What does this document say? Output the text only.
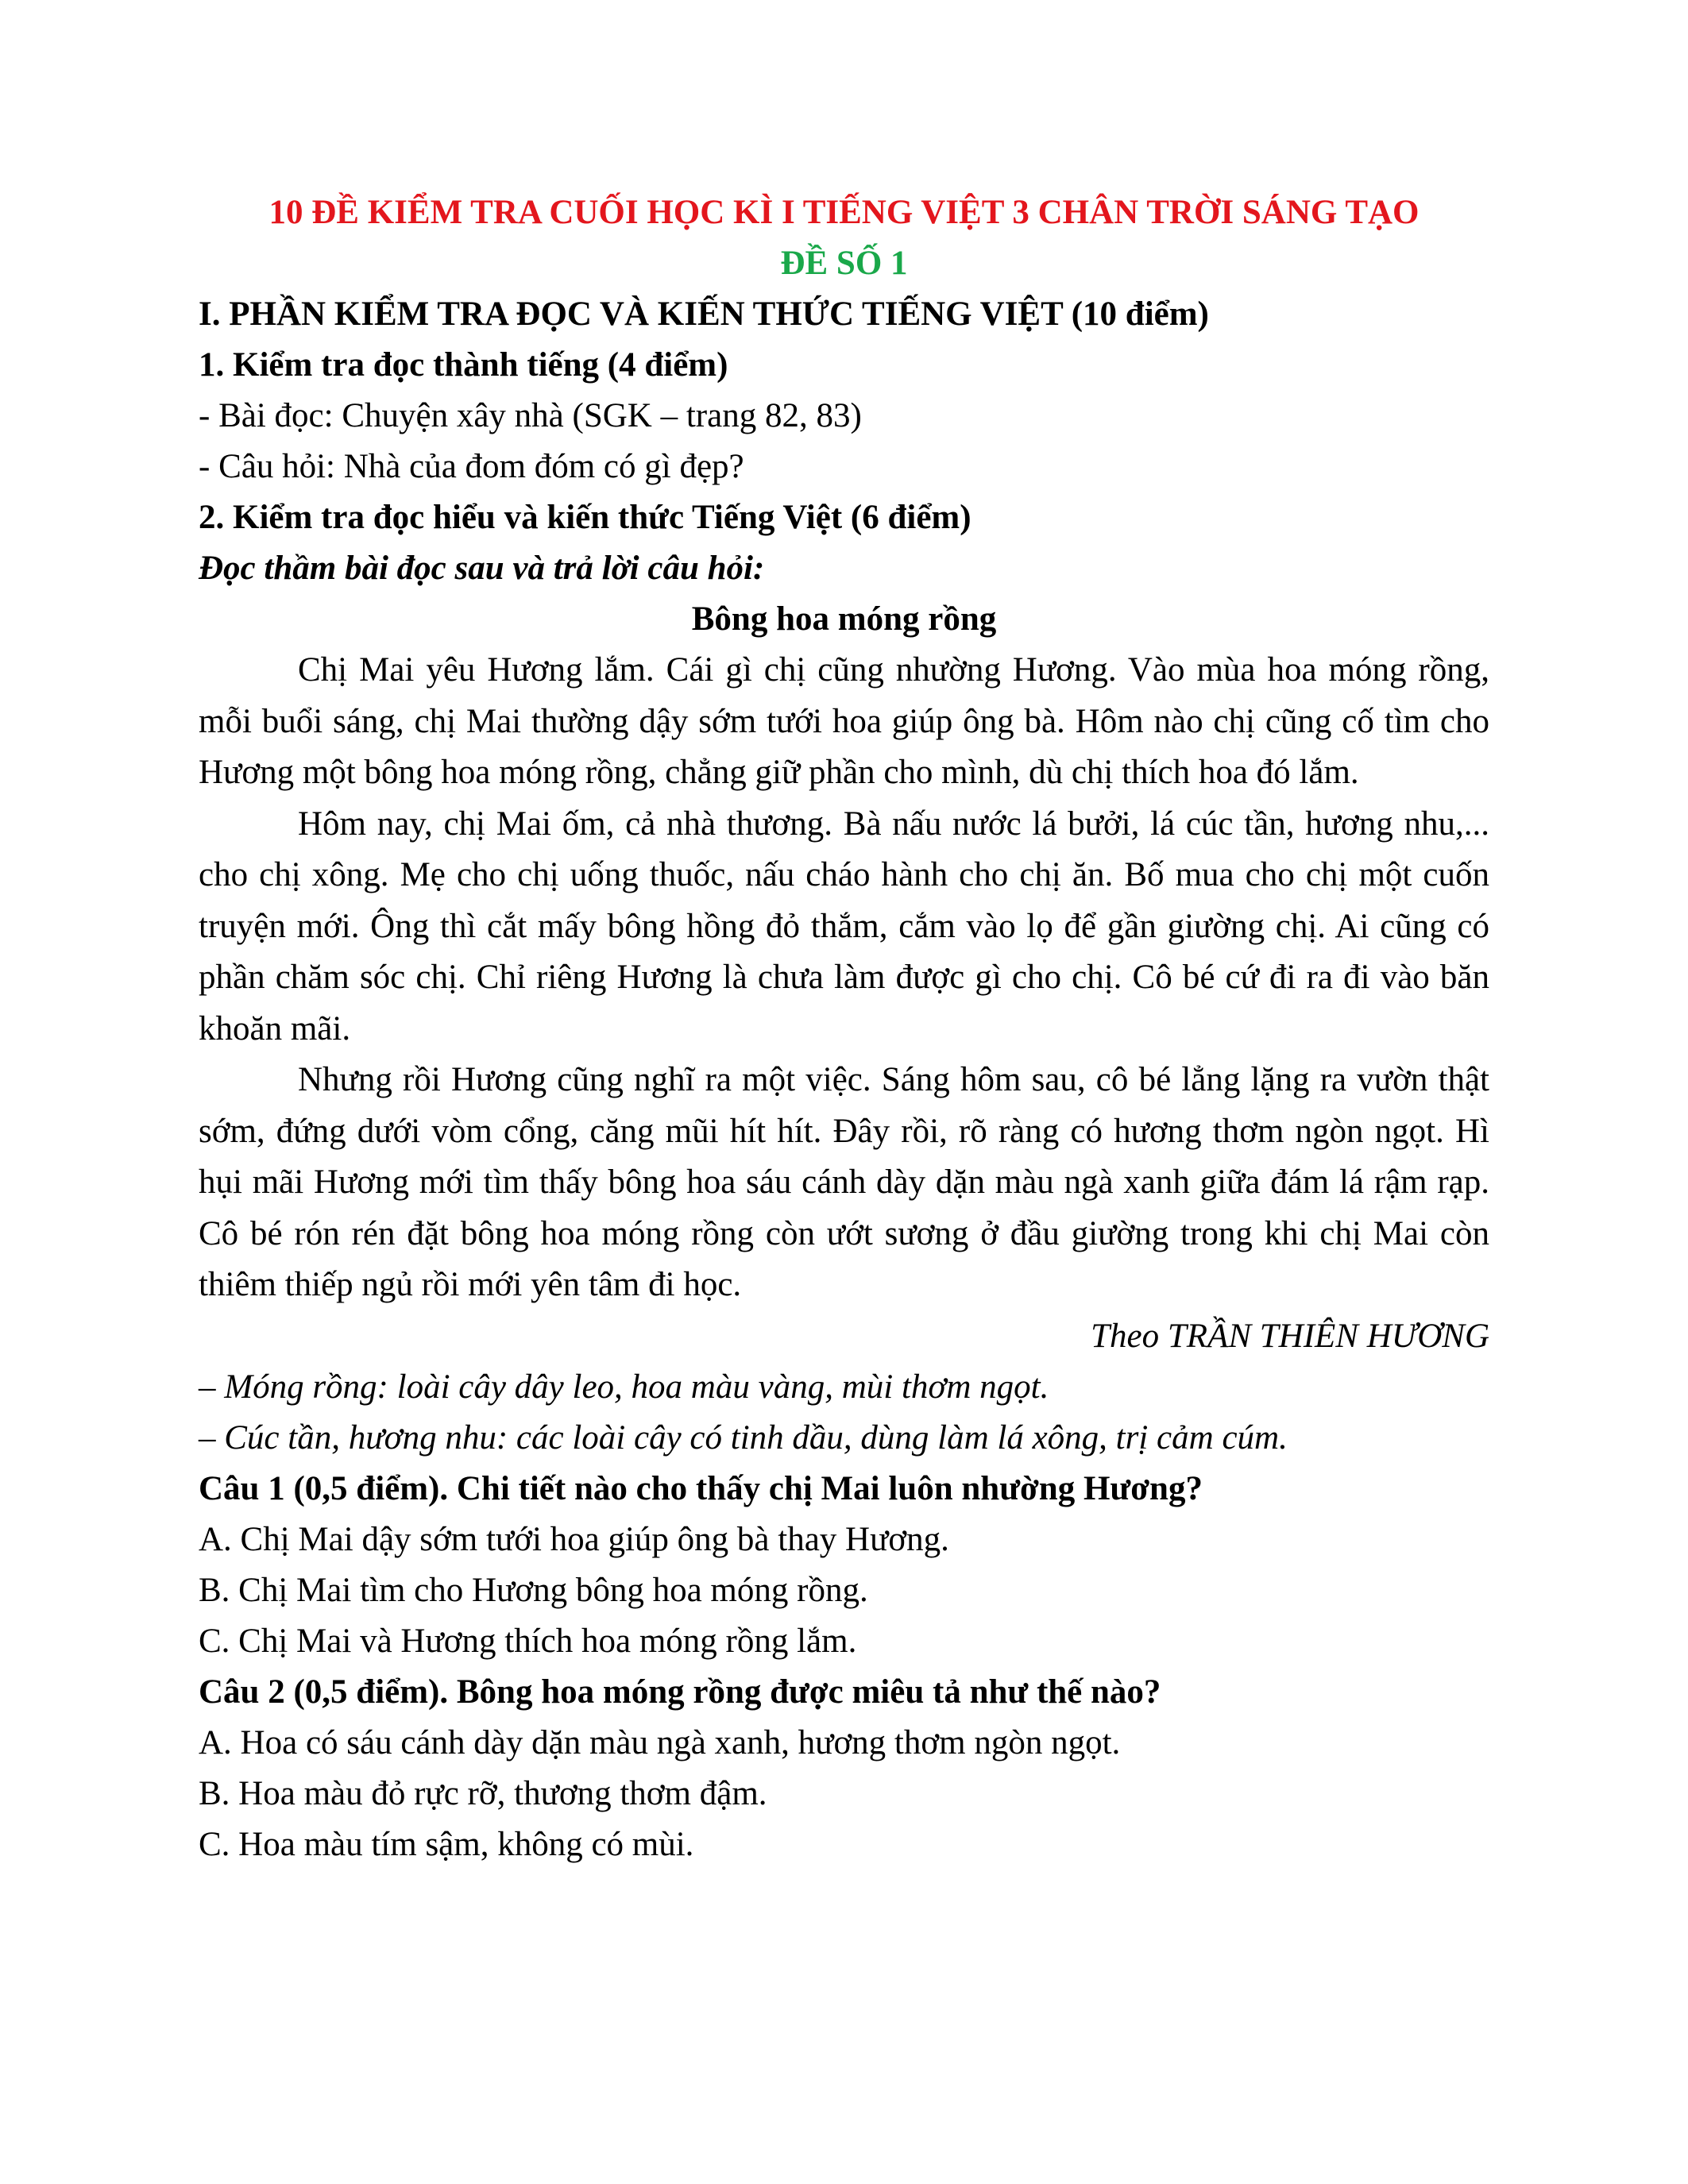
10 ĐỀ KIỂM TRA CUỐI HỌC KÌ I TIẾNG VIỆT 3 CHÂN TRỜI SÁNG TẠO

ĐỀ SỐ 1

I. PHẦN KIỂM TRA ĐỌC VÀ KIẾN THỨC TIẾNG VIỆT (10 điểm)

1. Kiểm tra đọc thành tiếng (4 điểm)

- Bài đọc: Chuyện xây nhà (SGK – trang 82, 83)

- Câu hỏi: Nhà của đom đóm có gì đẹp?

2. Kiểm tra đọc hiểu và kiến thức Tiếng Việt (6 điểm)

Đọc thầm bài đọc sau và trả lời câu hỏi:

Bông hoa móng rồng

Chị Mai yêu Hương lắm. Cái gì chị cũng nhường Hương. Vào mùa hoa móng rồng, mỗi buổi sáng, chị Mai thường dậy sớm tưới hoa giúp ông bà. Hôm nào chị cũng cố tìm cho Hương một bông hoa móng rồng, chẳng giữ phần cho mình, dù chị thích hoa đó lắm.

Hôm nay, chị Mai ốm, cả nhà thương. Bà nấu nước lá bưởi, lá cúc tần, hương nhu,... cho chị xông. Mẹ cho chị uống thuốc, nấu cháo hành cho chị ăn. Bố mua cho chị một cuốn truyện mới. Ông thì cắt mấy bông hồng đỏ thắm, cắm vào lọ để gần giường chị. Ai cũng có phần chăm sóc chị. Chỉ riêng Hương là chưa làm được gì cho chị. Cô bé cứ đi ra đi vào băn khoăn mãi.

Nhưng rồi Hương cũng nghĩ ra một việc. Sáng hôm sau, cô bé lẳng lặng ra vườn thật sớm, đứng dưới vòm cổng, căng mũi hít hít. Đây rồi, rõ ràng có hương thơm ngòn ngọt. Hì hụi mãi Hương mới tìm thấy bông hoa sáu cánh dày dặn màu ngà xanh giữa đám lá rậm rạp. Cô bé rón rén đặt bông hoa móng rồng còn ướt sương ở đầu giường trong khi chị Mai còn thiêm thiếp ngủ rồi mới yên tâm đi học.

Theo TRẦN THIÊN HƯƠNG

– Móng rồng: loài cây dây leo, hoa màu vàng, mùi thơm ngọt.

– Cúc tần, hương nhu: các loài cây có tinh dầu, dùng làm lá xông, trị cảm cúm.

Câu 1 (0,5 điểm). Chi tiết nào cho thấy chị Mai luôn nhường Hương?

A. Chị Mai dậy sớm tưới hoa giúp ông bà thay Hương.

B. Chị Mai tìm cho Hương bông hoa móng rồng.

C. Chị Mai và Hương thích hoa móng rồng lắm.

Câu 2 (0,5 điểm). Bông hoa móng rồng được miêu tả như thế nào?

A. Hoa có sáu cánh dày dặn màu ngà xanh, hương thơm ngòn ngọt.

B. Hoa màu đỏ rực rỡ, thương thơm đậm.

C. Hoa màu tím sậm, không có mùi.
